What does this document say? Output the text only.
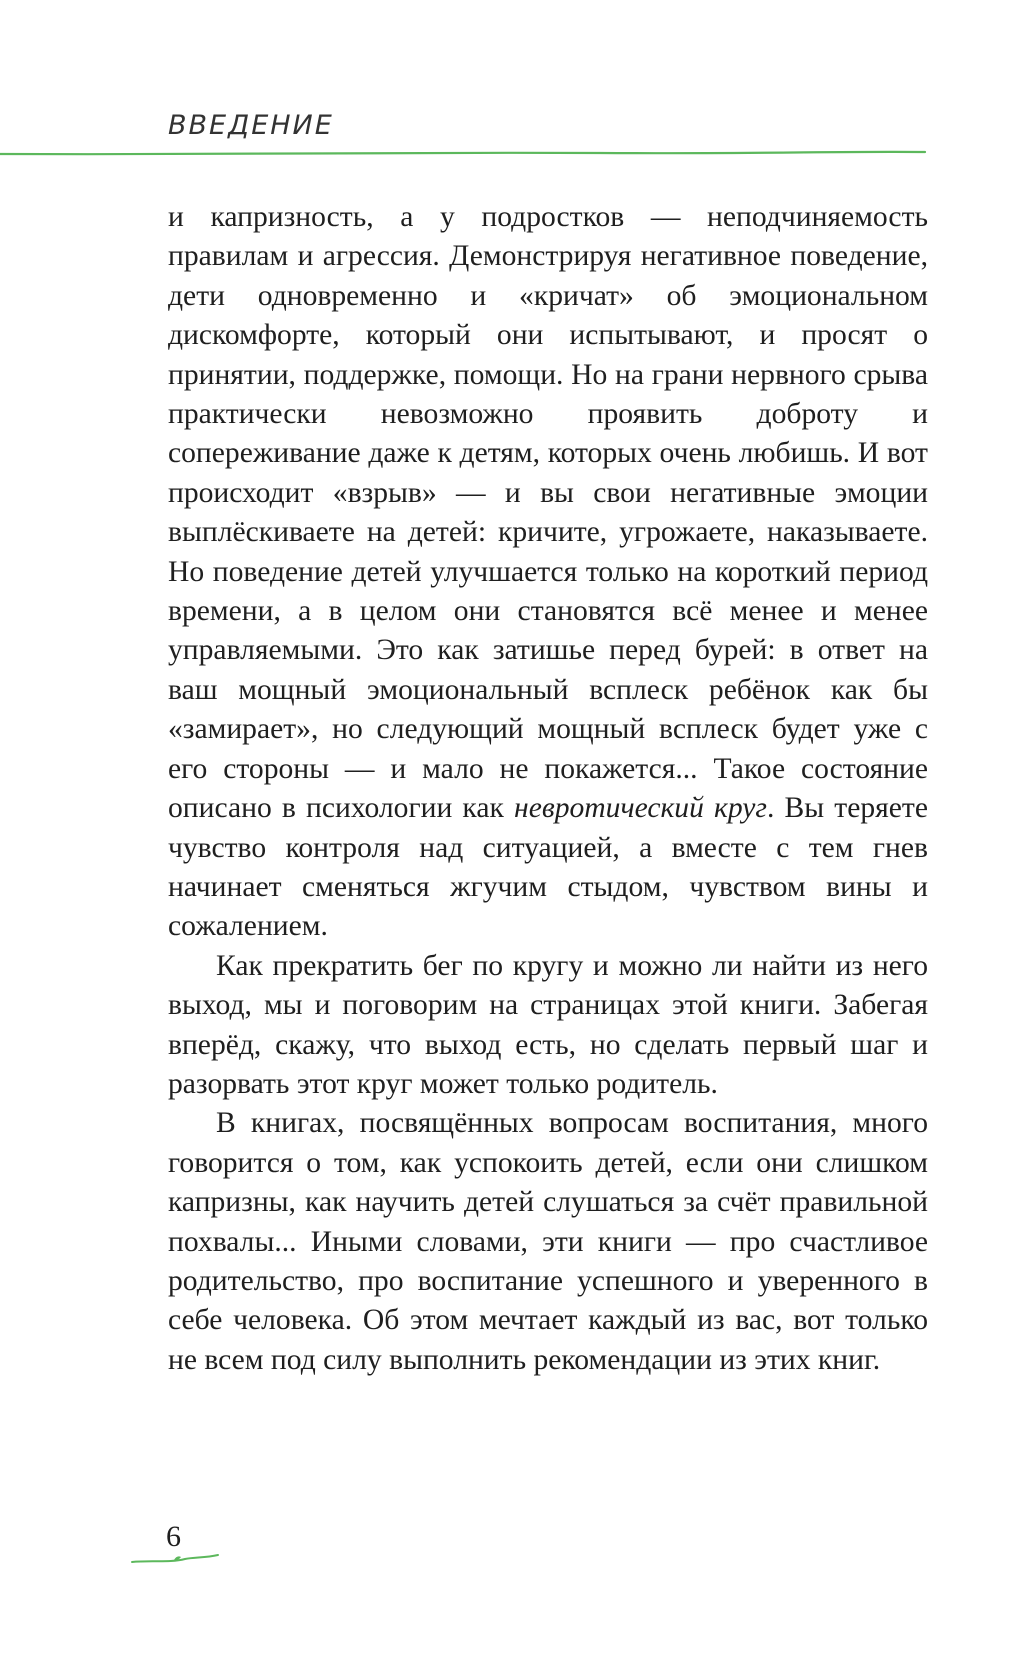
ВВЕДЕНИЕ

и капризность, а у подростков — неподчиняемость правилам и агрессия. Демонстрируя негативное поведение, дети одновременно и «кричат» об эмоциональном дискомфорте, который они испытывают, и просят о принятии, поддержке, помощи. Но на грани нервного срыва практически невозможно проявить доброту и сопереживание даже к детям, которых очень любишь. И вот происходит «взрыв» — и вы свои негативные эмоции выплёскиваете на детей: кричите, угрожаете, наказываете. Но поведение детей улучшается только на короткий период времени, а в целом они становятся всё менее и менее управляемыми. Это как затишье перед бурей: в ответ на ваш мощный эмоциональный всплеск ребёнок как бы «замирает», но следующий мощный всплеск будет уже с его стороны — и мало не покажется... Такое состояние описано в психологии как невротический круг. Вы теряете чувство контроля над ситуацией, а вместе с тем гнев начинает сменяться жгучим стыдом, чувством вины и сожалением.

Как прекратить бег по кругу и можно ли найти из него выход, мы и поговорим на страницах этой книги. Забегая вперёд, скажу, что выход есть, но сделать первый шаг и разорвать этот круг может только родитель.

В книгах, посвящённых вопросам воспитания, много говорится о том, как успокоить детей, если они слишком капризны, как научить детей слушаться за счёт правильной похвалы... Иными словами, эти книги — про счастливое родительство, про воспитание успешного и уверенного в себе человека. Об этом мечтает каждый из вас, вот только не всем под силу выполнить рекомендации из этих книг.

6
